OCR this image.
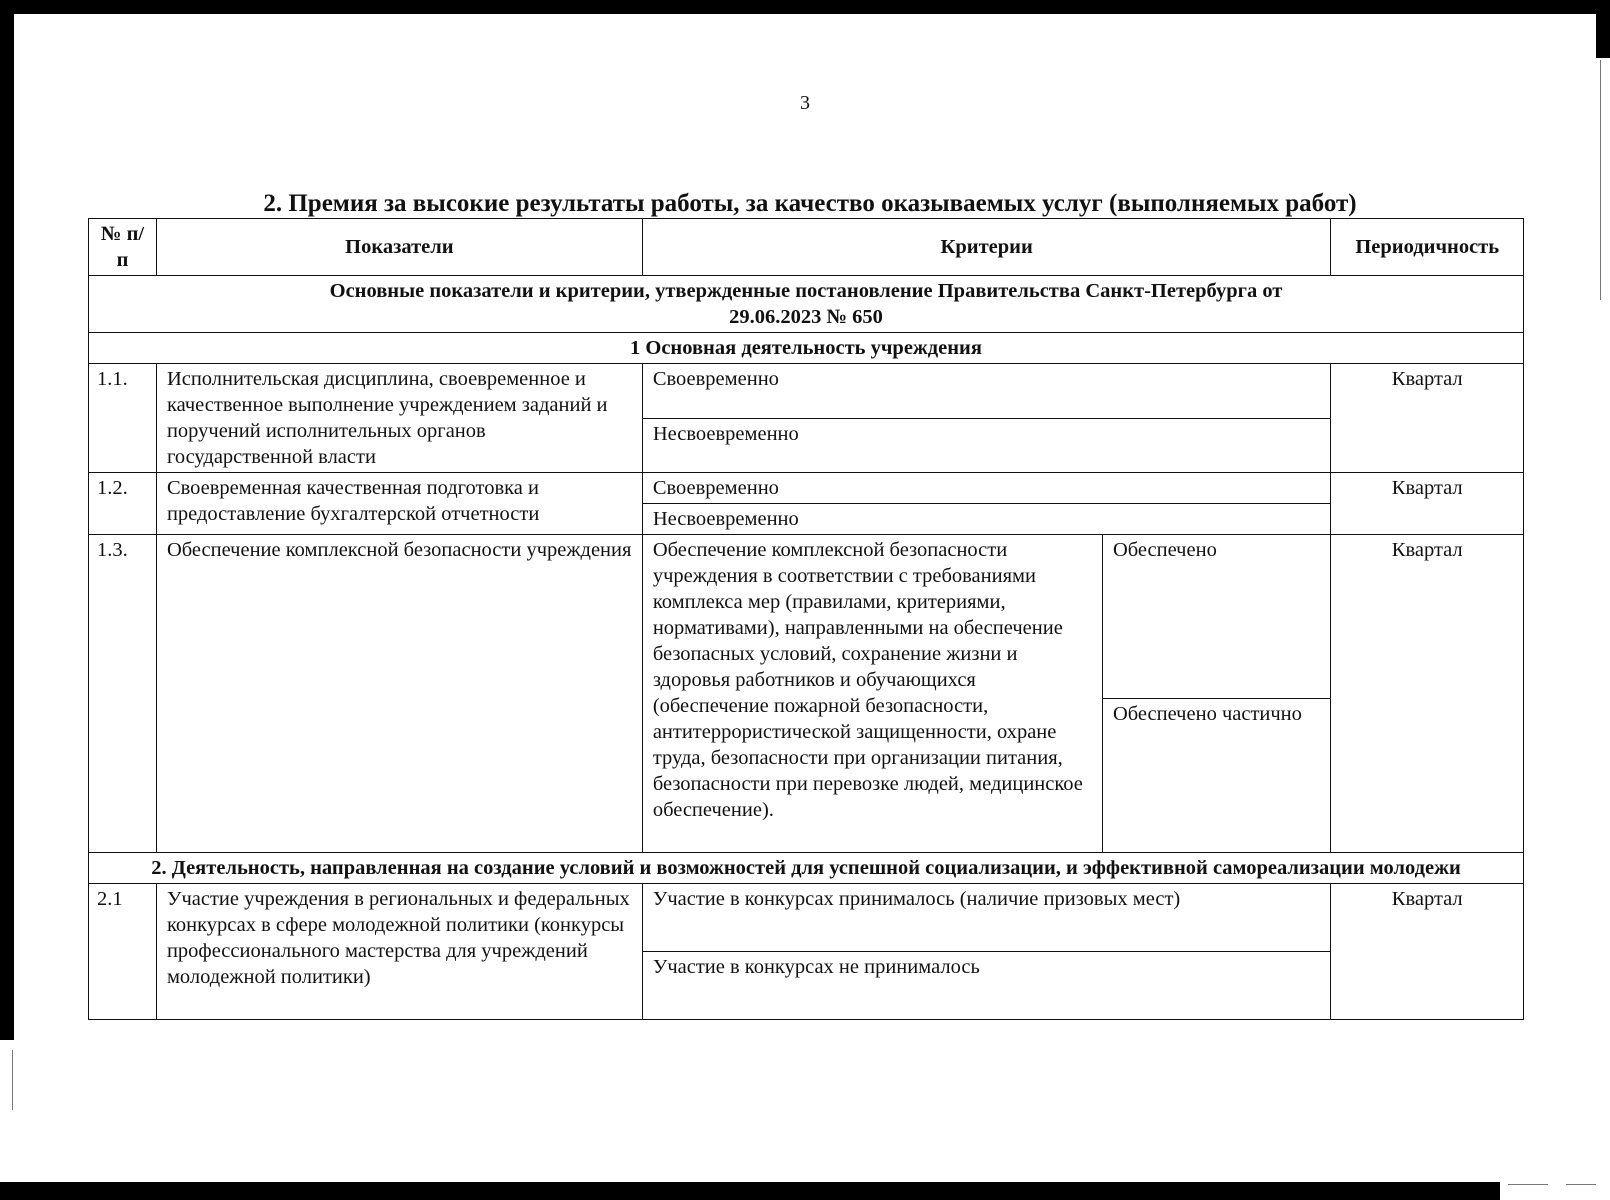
3
2. Премия за высокие результаты работы, за качество оказываемых услуг (выполняемых работ)
№ п/п	Показатели	Критерии		Периодичность
Основные показатели и критерии, утвержденные постановление Правительства Санкт-Петербурга от 29.06.2023 № 650				
1 Основная деятельность учреждения				
1.1.	Исполнительская дисциплина, своевременное и качественное выполнение учреждением заданий и поручений исполнительных органов государственной власти	Своевременно		Квартал
		Несвоевременно		
1.2.	Своевременная качественная подготовка и предоставление бухгалтерской отчетности	Своевременно		Квартал
		Несвоевременно		
1.3.	Обеспечение комплексной безопасности учреждения	Обеспечение комплексной безопасности учреждения в соответствии с требованиями комплекса мер (правилами, критериями, нормативами), направленными на обеспечение безопасных условий, сохранение жизни и здоровья работников и обучающихся (обеспечение пожарной безопасности, антитеррористической защищенности, охране труда, безопасности при организации питания, безопасности при перевозке людей, медицинское обеспечение).	Обеспечено	Квартал
			Обеспечено частично	
2. Деятельность, направленная на создание условий и возможностей для успешной социализации, и эффективной самореализации молодежи				
2.1	Участие учреждения в региональных и федеральных конкурсах в сфере молодежной политики (конкурсы профессионального мастерства для учреждений молодежной политики)	Участие в конкурсах принималось (наличие призовых мест)		Квартал
		Участие в конкурсах не принималось		
